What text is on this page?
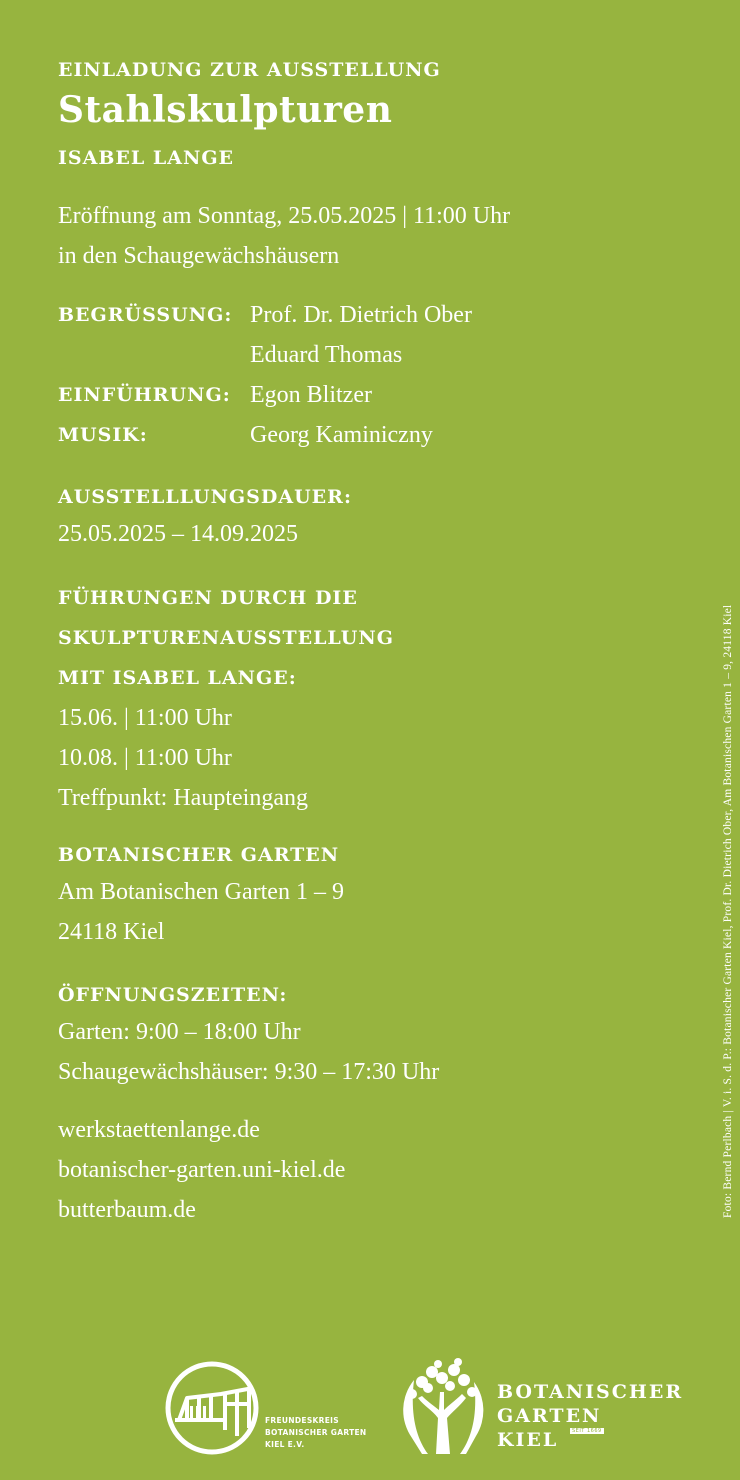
EINLADUNG ZUR AUSSTELLUNG
Stahlskulpturen
ISABEL LANGE
Eröffnung am Sonntag, 25.05.2025 | 11:00 Uhr
in den Schaugewächshäusern
BEGRÜSSUNG: Prof. Dr. Dietrich Ober
Eduard Thomas
EINFÜHRUNG: Egon Blitzer
MUSIK:	Georg Kaminiczny
AUSSTELLLUNGSDAUER:
25.05.2025 – 14.09.2025
FÜHRUNGEN DURCH DIE
SKULPTURENAUSSTELLUNG
MIT ISABEL LANGE:
15.06. | 11:00 Uhr
10.08. | 11:00 Uhr
Treffpunkt: Haupteingang
BOTANISCHER GARTEN
Am Botanischen Garten 1 – 9
24118 Kiel
ÖFFNUNGSZEITEN:
Garten: 9:00 – 18:00 Uhr
Schaugewächshäuser: 9:30 – 17:30 Uhr
werkstaettenlange.de
botanischer-garten.uni-kiel.de
butterbaum.de	Foto: Bernd Perlbach | V. i. S. d. P.: Botanischer Garten Kiel, Prof. Dr. Dietrich Ober, Am Botanischen Garten 1 – 9, 24118 Kiel
FREUNDESKREIS
BOTANISCHER GARTEN
KIEL E.V.
BOTANISCHER
GARTEN
KIEL	SEIT 1669
